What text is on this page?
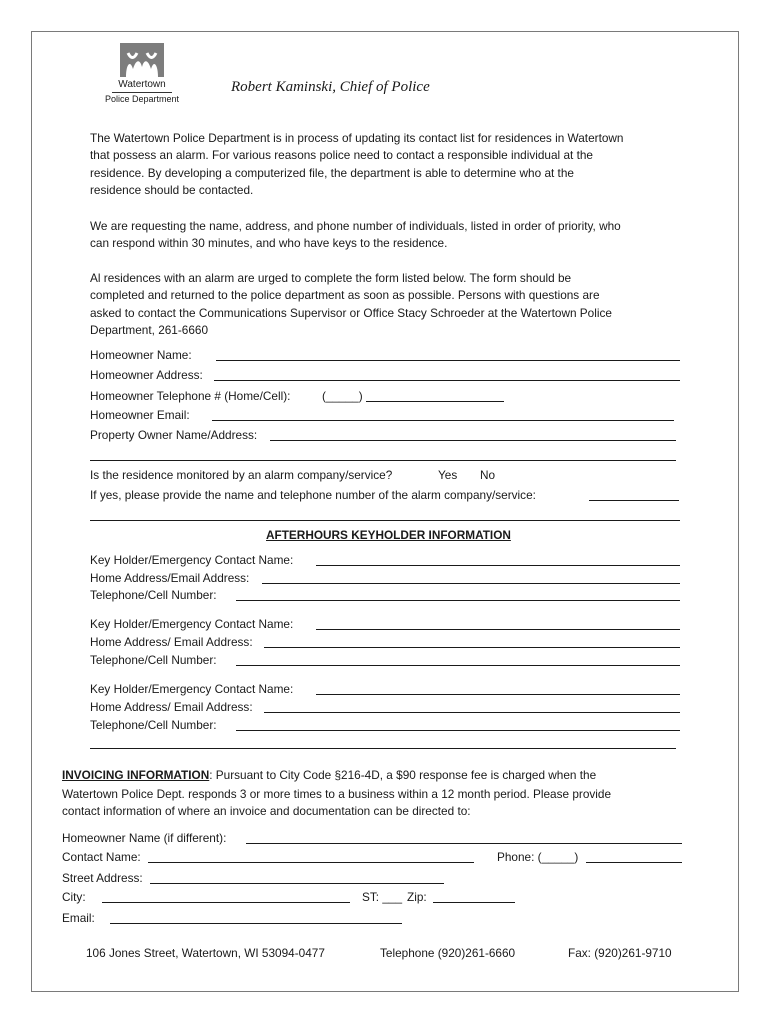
Watertown
Police Department
Robert Kaminski, Chief of Police

The Watertown Police Department is in process of updating its contact list for residences in Watertown

that possess an alarm. For various reasons police need to contact a responsible individual at the

residence. By developing a computerized file, the department is able to determine who at the

residence should be contacted.

We are requesting the name, address, and phone number of individuals, listed in order of priority, who

can respond within 30 minutes, and who have keys to the residence.

Al residences with an alarm are urged to complete the form listed below. The form should be

completed and returned to the police department as soon as possible. Persons with questions are

asked to contact the Communications Supervisor or Office Stacy Schroeder at the Watertown Police

Department, 261-6660

Homeowner Name:
Homeowner Address:
Homeowner Telephone # (Home/Cell):	(_____)
Homeowner Email:
Property Owner Name/Address:
Is the residence monitored by an alarm company/service?	Yes No
If yes, please provide the name and telephone number of the alarm company/service:
AFTERHOURS KEYHOLDER INFORMATION
Key Holder/Emergency Contact Name:
Home Address/Email Address:
Telephone/Cell Number:
Key Holder/Emergency Contact Name:
Home Address/ Email Address:
Telephone/Cell Number:
Key Holder/Emergency Contact Name:
Home Address/ Email Address:
Telephone/Cell Number:
INVOICING INFORMATION: Pursuant to City Code §216-4D, a $90 response fee is charged when the
Watertown Police Dept. responds 3 or more times to a business within a 12 month period. Please provide
contact information of where an invoice and documentation can be directed to:
Homeowner Name (if different):
Contact Name:	Phone: (_____)
Street Address:
City:	ST: ___ Zip:
Email:
106 Jones Street, Watertown, WI 53094-0477	Telephone (920)261-6660	Fax: (920)261-9710
